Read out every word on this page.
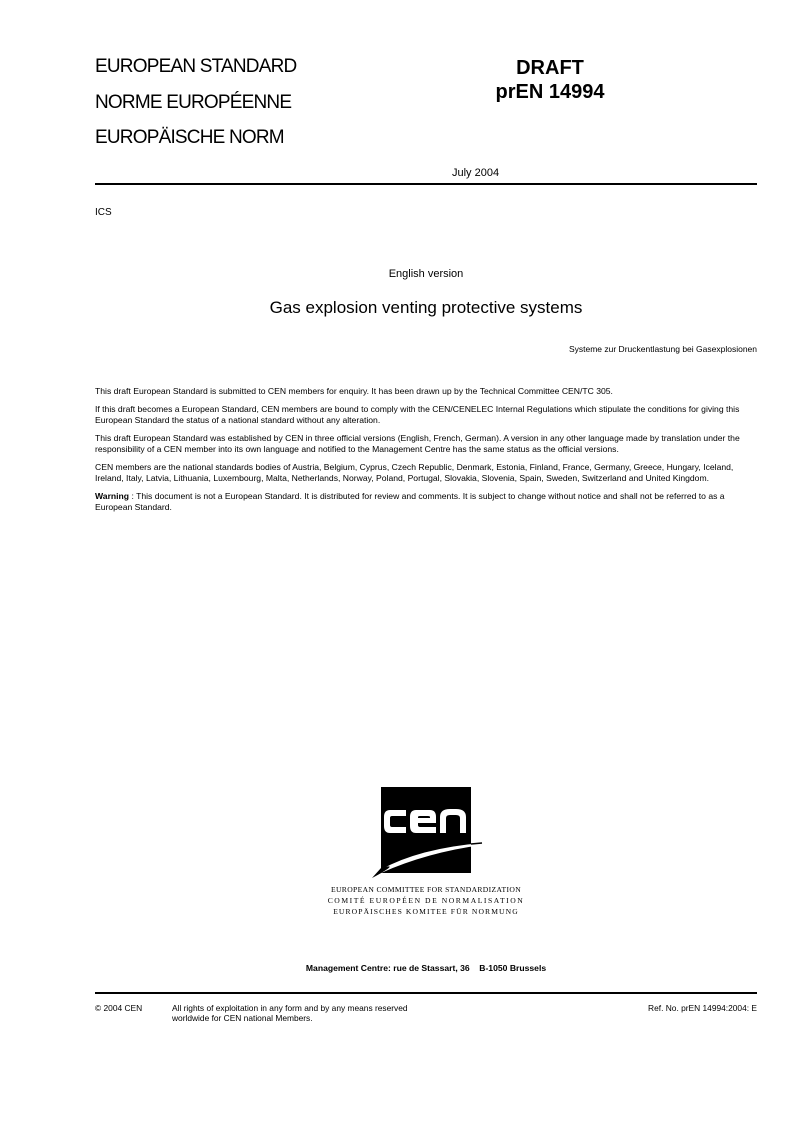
EUROPEAN STANDARD
NORME EUROPÉENNE
EUROPÄISCHE NORM
DRAFT
prEN 14994
July 2004
ICS
English version
Gas explosion venting protective systems
Systeme zur Druckentlastung bei Gasexplosionen

This draft European Standard is submitted to CEN members for enquiry. It has been drawn up by the Technical Committee CEN/TC 305.

If this draft becomes a European Standard, CEN members are bound to comply with the CEN/CENELEC Internal Regulations which stipulate the conditions for giving this European Standard the status of a national standard without any alteration.

This draft European Standard was established by CEN in three official versions (English, French, German). A version in any other language made by translation under the responsibility of a CEN member into its own language and notified to the Management Centre has the same status as the official versions.

CEN members are the national standards bodies of Austria, Belgium, Cyprus, Czech Republic, Denmark, Estonia, Finland, France, Germany, Greece, Hungary, Iceland, Ireland, Italy, Latvia, Lithuania, Luxembourg, Malta, Netherlands, Norway, Poland, Portugal, Slovakia, Slovenia, Spain, Sweden, Switzerland and United Kingdom.

Warning : This document is not a European Standard. It is distributed for review and comments. It is subject to change without notice and shall not be referred to as a European Standard.

EUROPEAN COMMITTEE FOR STANDARDIZATION
COMITÉ EUROPÉEN DE NORMALISATION
EUROPÄISCHES KOMITEE FÜR NORMUNG
Management Centre: rue de Stassart, 36    B-1050 Brussels
© 2004 CEN	All rights of exploitation in any form and by any means reserved
worldwide for CEN national Members.
Ref. No. prEN 14994:2004: E
